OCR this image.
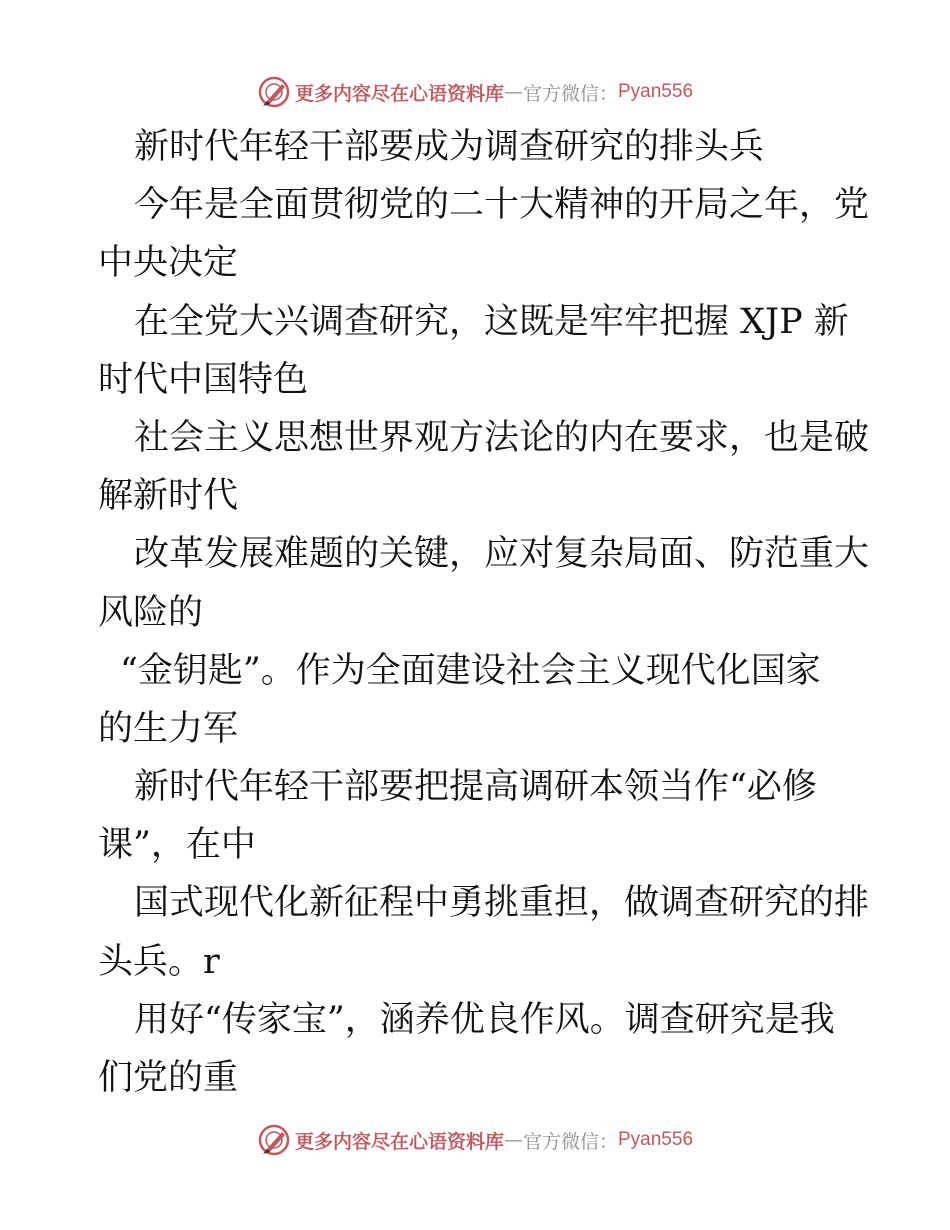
更多内容尽在心语资料库 — 官方微信： Pyan556
新时代年轻干部要成为调查研究的排头兵
今年是全面贯彻党的二十大精神的开局之年，党
中央决定
在全党大兴调查研究，这既是牢牢把握 XJP 新
时代中国特色
社会主义思想世界观方法论的内在要求，也是破
解新时代
改革发展难题的关键，应对复杂局面、防范重大
风险的
“金钥匙”。作为全面建设社会主义现代化国家
的生力军
新时代年轻干部要把提高调研本领当作“必修
课”，在中
国式现代化新征程中勇挑重担，做调查研究的排
头兵。r
用好“传家宝”，涵养优良作风。调查研究是我
们党的重
更多内容尽在心语资料库 — 官方微信： Pyan556
